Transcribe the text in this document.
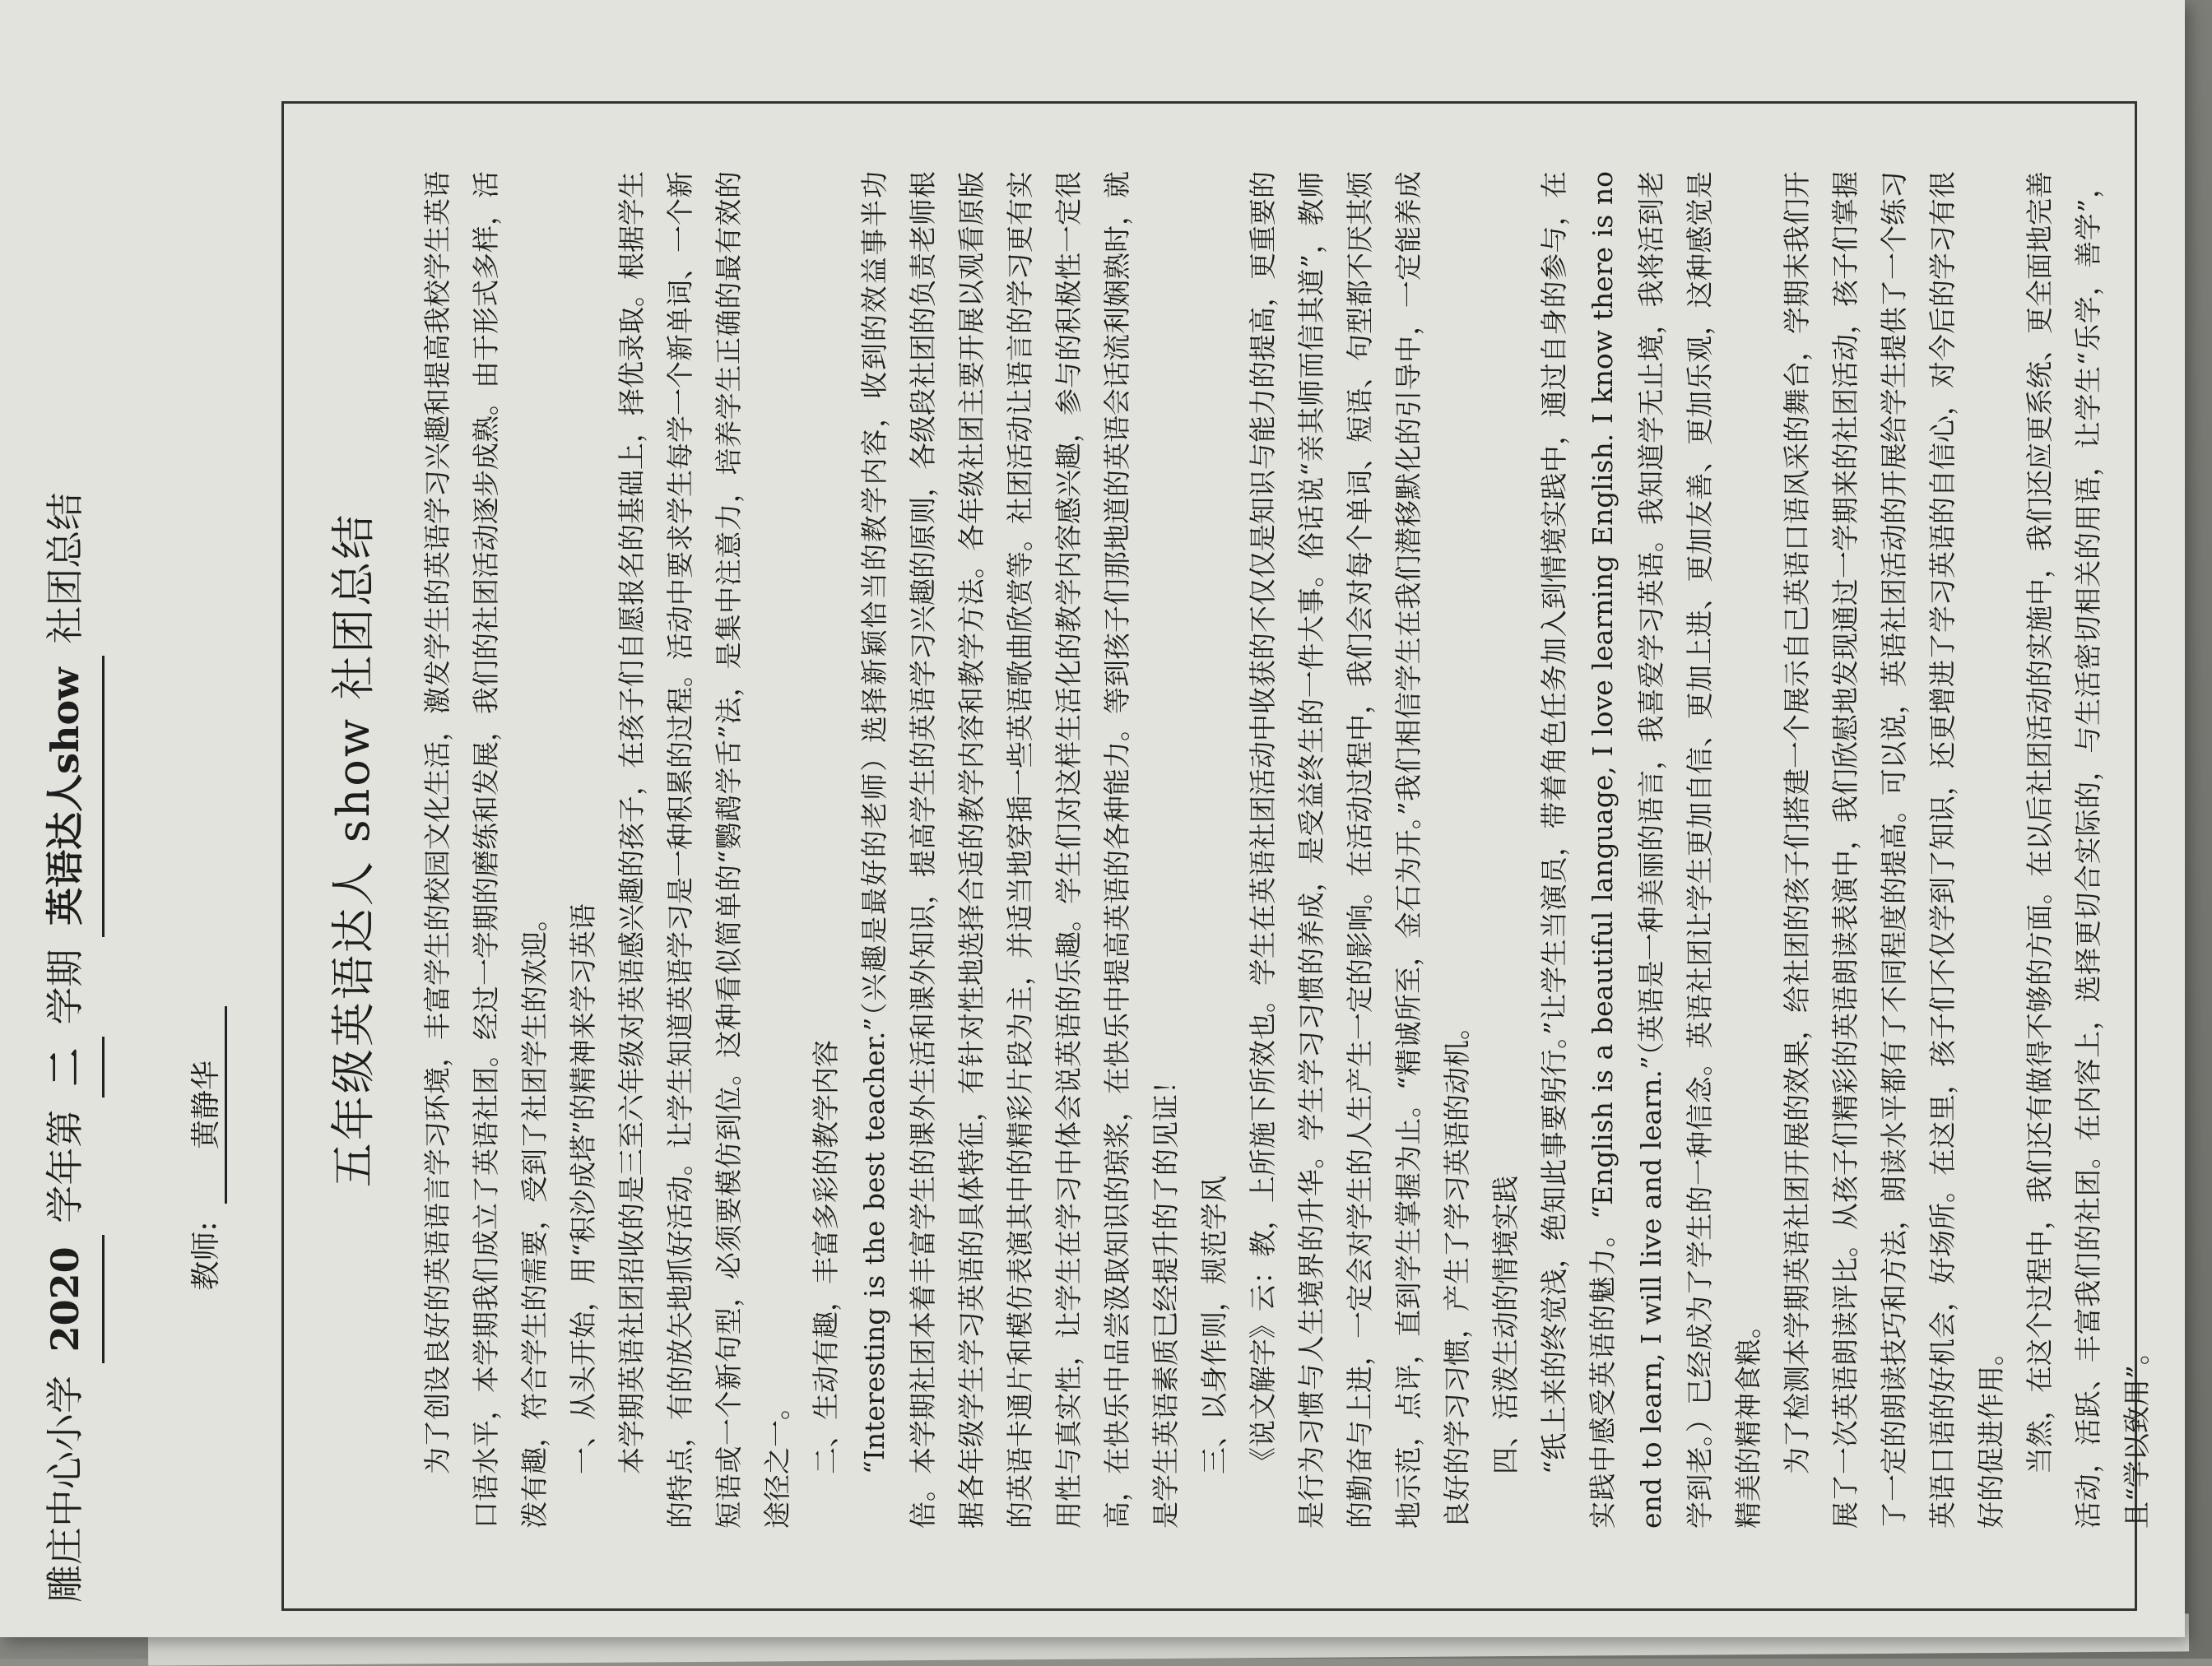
雕庄中心小学 2020 学年第 二 学期 英语达人show 社团总结
教师: 黄静华 五年级英语达人 show 社团总结	为了创设良好的英语语言学习环境，丰富学生的校园文化生活，激发学生的英语学习兴趣和提高我校学生英语口语水平，本学期我们成立了英语社团。经过一学期的磨练和发展，我们的社团活动逐步成熟。由于形式多样，活泼有趣，符合学生的需要，受到了社团学生的欢迎。 一、从头开始，用“积沙成塔”的精神来学习英语 本学期英语社团招收的是三至六年级对英语感兴趣的孩子，在孩子们自愿报名的基础上，择优录取。根据学生的特点，有的放矢地抓好活动。让学生知道英语学习是一种积累的过程。活动中要求学生每学一个新单词、一个新短语或一个新句型，必须要模仿到位。这种看似简单的“鹦鹉学舌”法，是集中注意力，培养学生正确的最有效的途径之一。 二、生动有趣，丰富多彩的教学内容 “Interesting is the best teacher.”（兴趣是最好的老师）选择新颖恰当的教学内容，收到的效益事半功倍。本学期社团本着丰富学生的课外生活和课外知识，提高学生的英语学习兴趣的原则，各级段社团的负责老师根据各年级学生学习英语的具体特征，有针对性地选择合适的教学内容和教学方法。各年级社团主要开展以观看原版的英语卡通片和模仿表演其中的精彩片段为主，并适当地穿插一些英语歌曲欣赏等。社团活动让语言的学习更有实用性与真实性，让学生在学习中体会说英语的乐趣。学生们对这样生活化的教学内容感兴趣，参与的积极性一定很高，在快乐中品尝汲取知识的琼浆，在快乐中提高英语的各种能力。等到孩子们那地道的英语会话流利娴熟时，就是学生英语素质已经提升的了的见证！ 三、以身作则，规范学风 《说文解字》云：教，上所施下所效也。学生在英语社团活动中收获的不仅仅是知识与能力的提高，更重要的是行为习惯与人生境界的升华。学生学习习惯的养成，是受益终生的一件大事。俗话说“亲其师而信其道”，教师的勤奋与上进，一定会对学生的人生产生一定的影响。在活动过程中，我们会对每个单词、短语、句型都不厌其烦地示范，点评，直到学生掌握为止。“精诚所至，金石为开。”我们相信学生在我们潜移默化的引导中，一定能养成良好的学习习惯，产生了学习英语的动机。 四、活泼生动的情境实践 “纸上来的终觉浅，绝知此事要躬行。”让学生当演员，带着角色任务加入到情境实践中，通过自身的参与，在实践中感受英语的魅力。“English is a beautiful language, I love learning English. I know there is no end to learn, I will live and learn.”（英语是一种美丽的语言，我喜爱学习英语。我知道学无止境，我将活到老学到老。）已经成为了学生的一种信念。英语社团让学生更加自信、更加上进、更加友善、更加乐观，这种感觉是精美的精神食粮。 为了检测本学期英语社团开展的效果，给社团的孩子们搭建一个展示自己英语口语风采的舞台，学期末我们开展了一次英语朗读评比。从孩子们精彩的英语朗读表演中，我们欣慰地发现通过一学期来的社团活动，孩子们掌握了一定的朗读技巧和方法，朗读水平都有了不同程度的提高。可以说，英语社团活动的开展给学生提供了一个练习英语口语的好机会，好场所。在这里，孩子们不仅学到了知识，还更增进了学习英语的自信心，对今后的学习有很好的促进作用。 当然，在这个过程中，我们还有做得不够的方面。在以后社团活动的实施中，我们还应更系统、更全面地完善活动，活跃、丰富我们的社团。在内容上，选择更切合实际的，与生活密切相关的用语，让学生“乐学，善学”，且“学以致用”。
